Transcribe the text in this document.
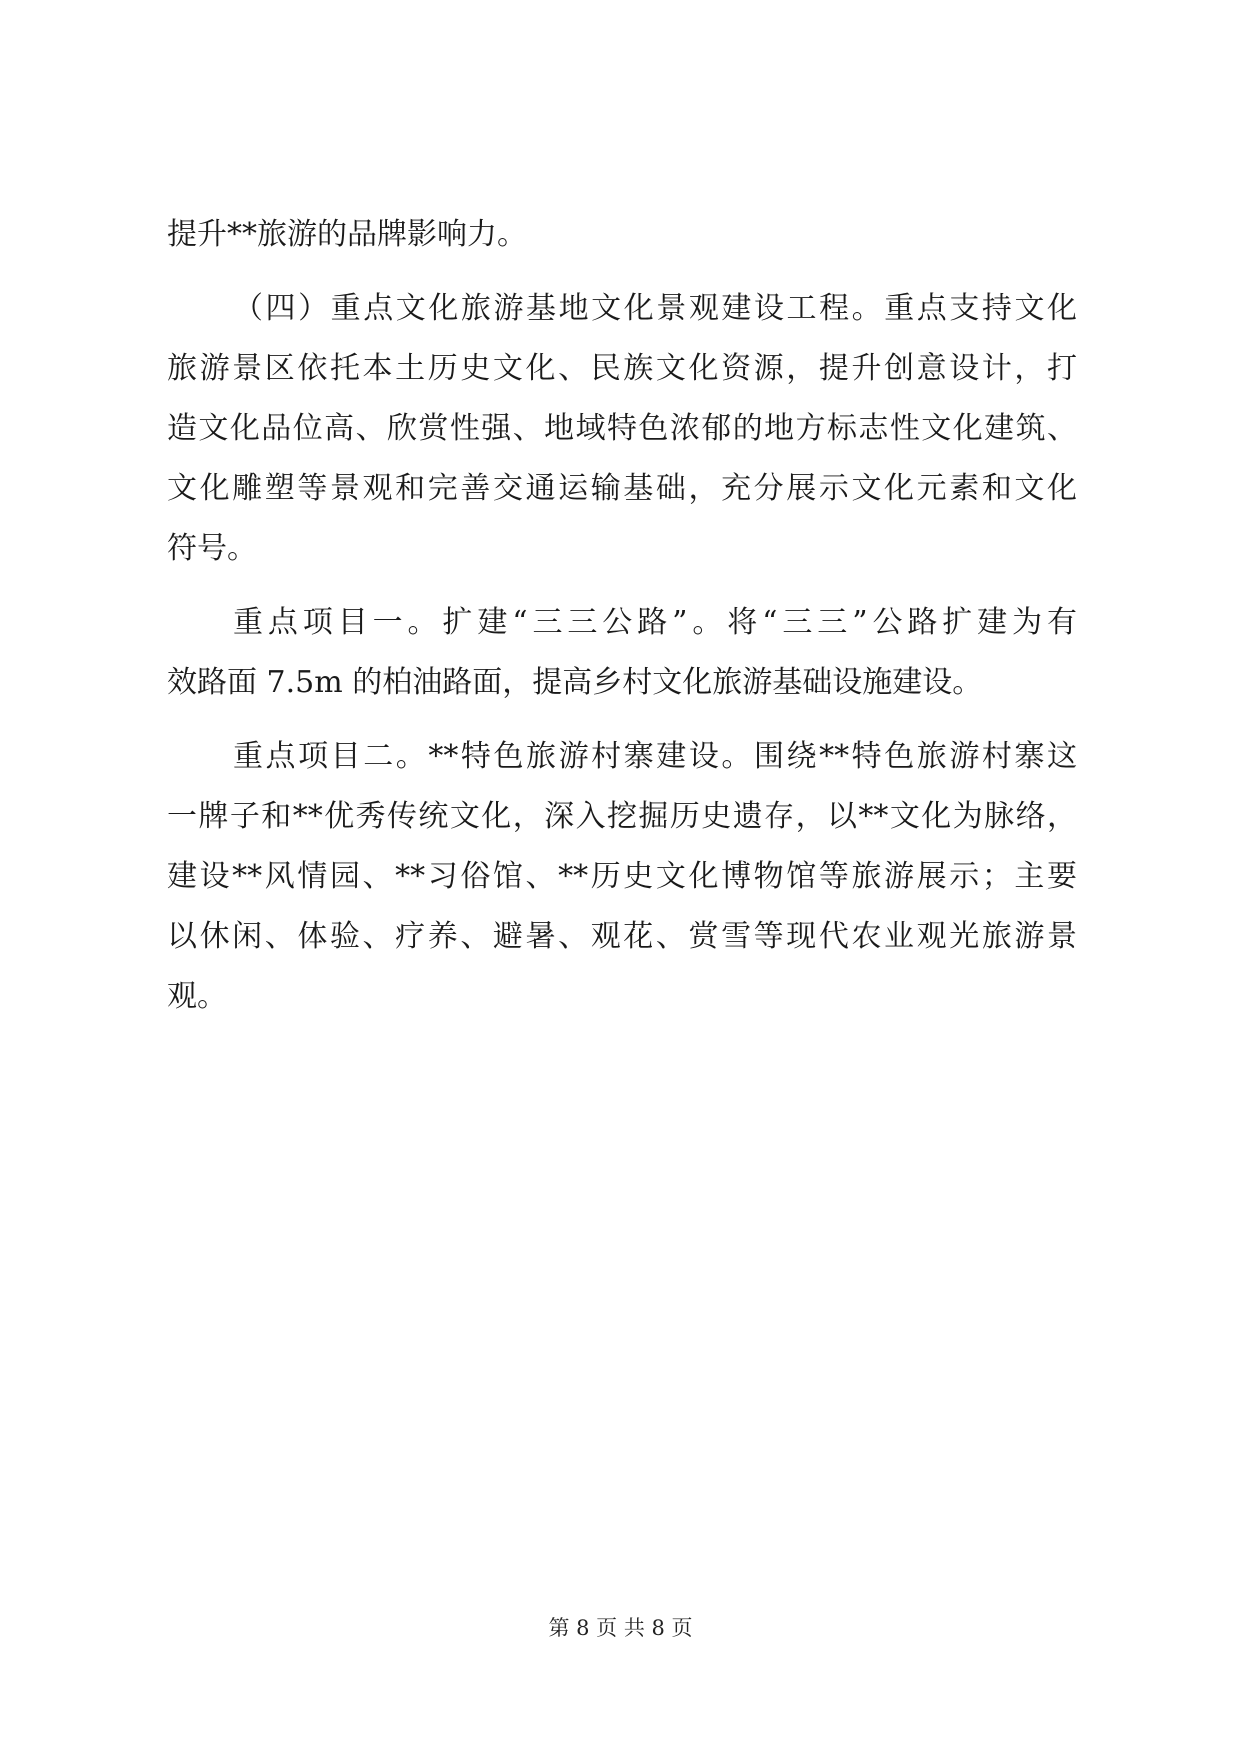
提升**旅游的品牌影响力。
（四）重点文化旅游基地文化景观建设工程。重点支持文化
旅游景区依托本土历史文化、民族文化资源，提升创意设计，打
造文化品位高、欣赏性强、地域特色浓郁的地方标志性文化建筑、
文化雕塑等景观和完善交通运输基础，充分展示文化元素和文化
符号。
重点项目一。扩建“三三公路”。将“三三”公路扩建为有
效路面 7.5m 的柏油路面，提高乡村文化旅游基础设施建设。
重点项目二。**特色旅游村寨建设。围绕**特色旅游村寨这
一牌子和**优秀传统文化，深入挖掘历史遗存，以**文化为脉络，
建设**风情园、**习俗馆、**历史文化博物馆等旅游展示；主要
以休闲、体验、疗养、避暑、观花、赏雪等现代农业观光旅游景
观。
第 8 页 共 8 页
